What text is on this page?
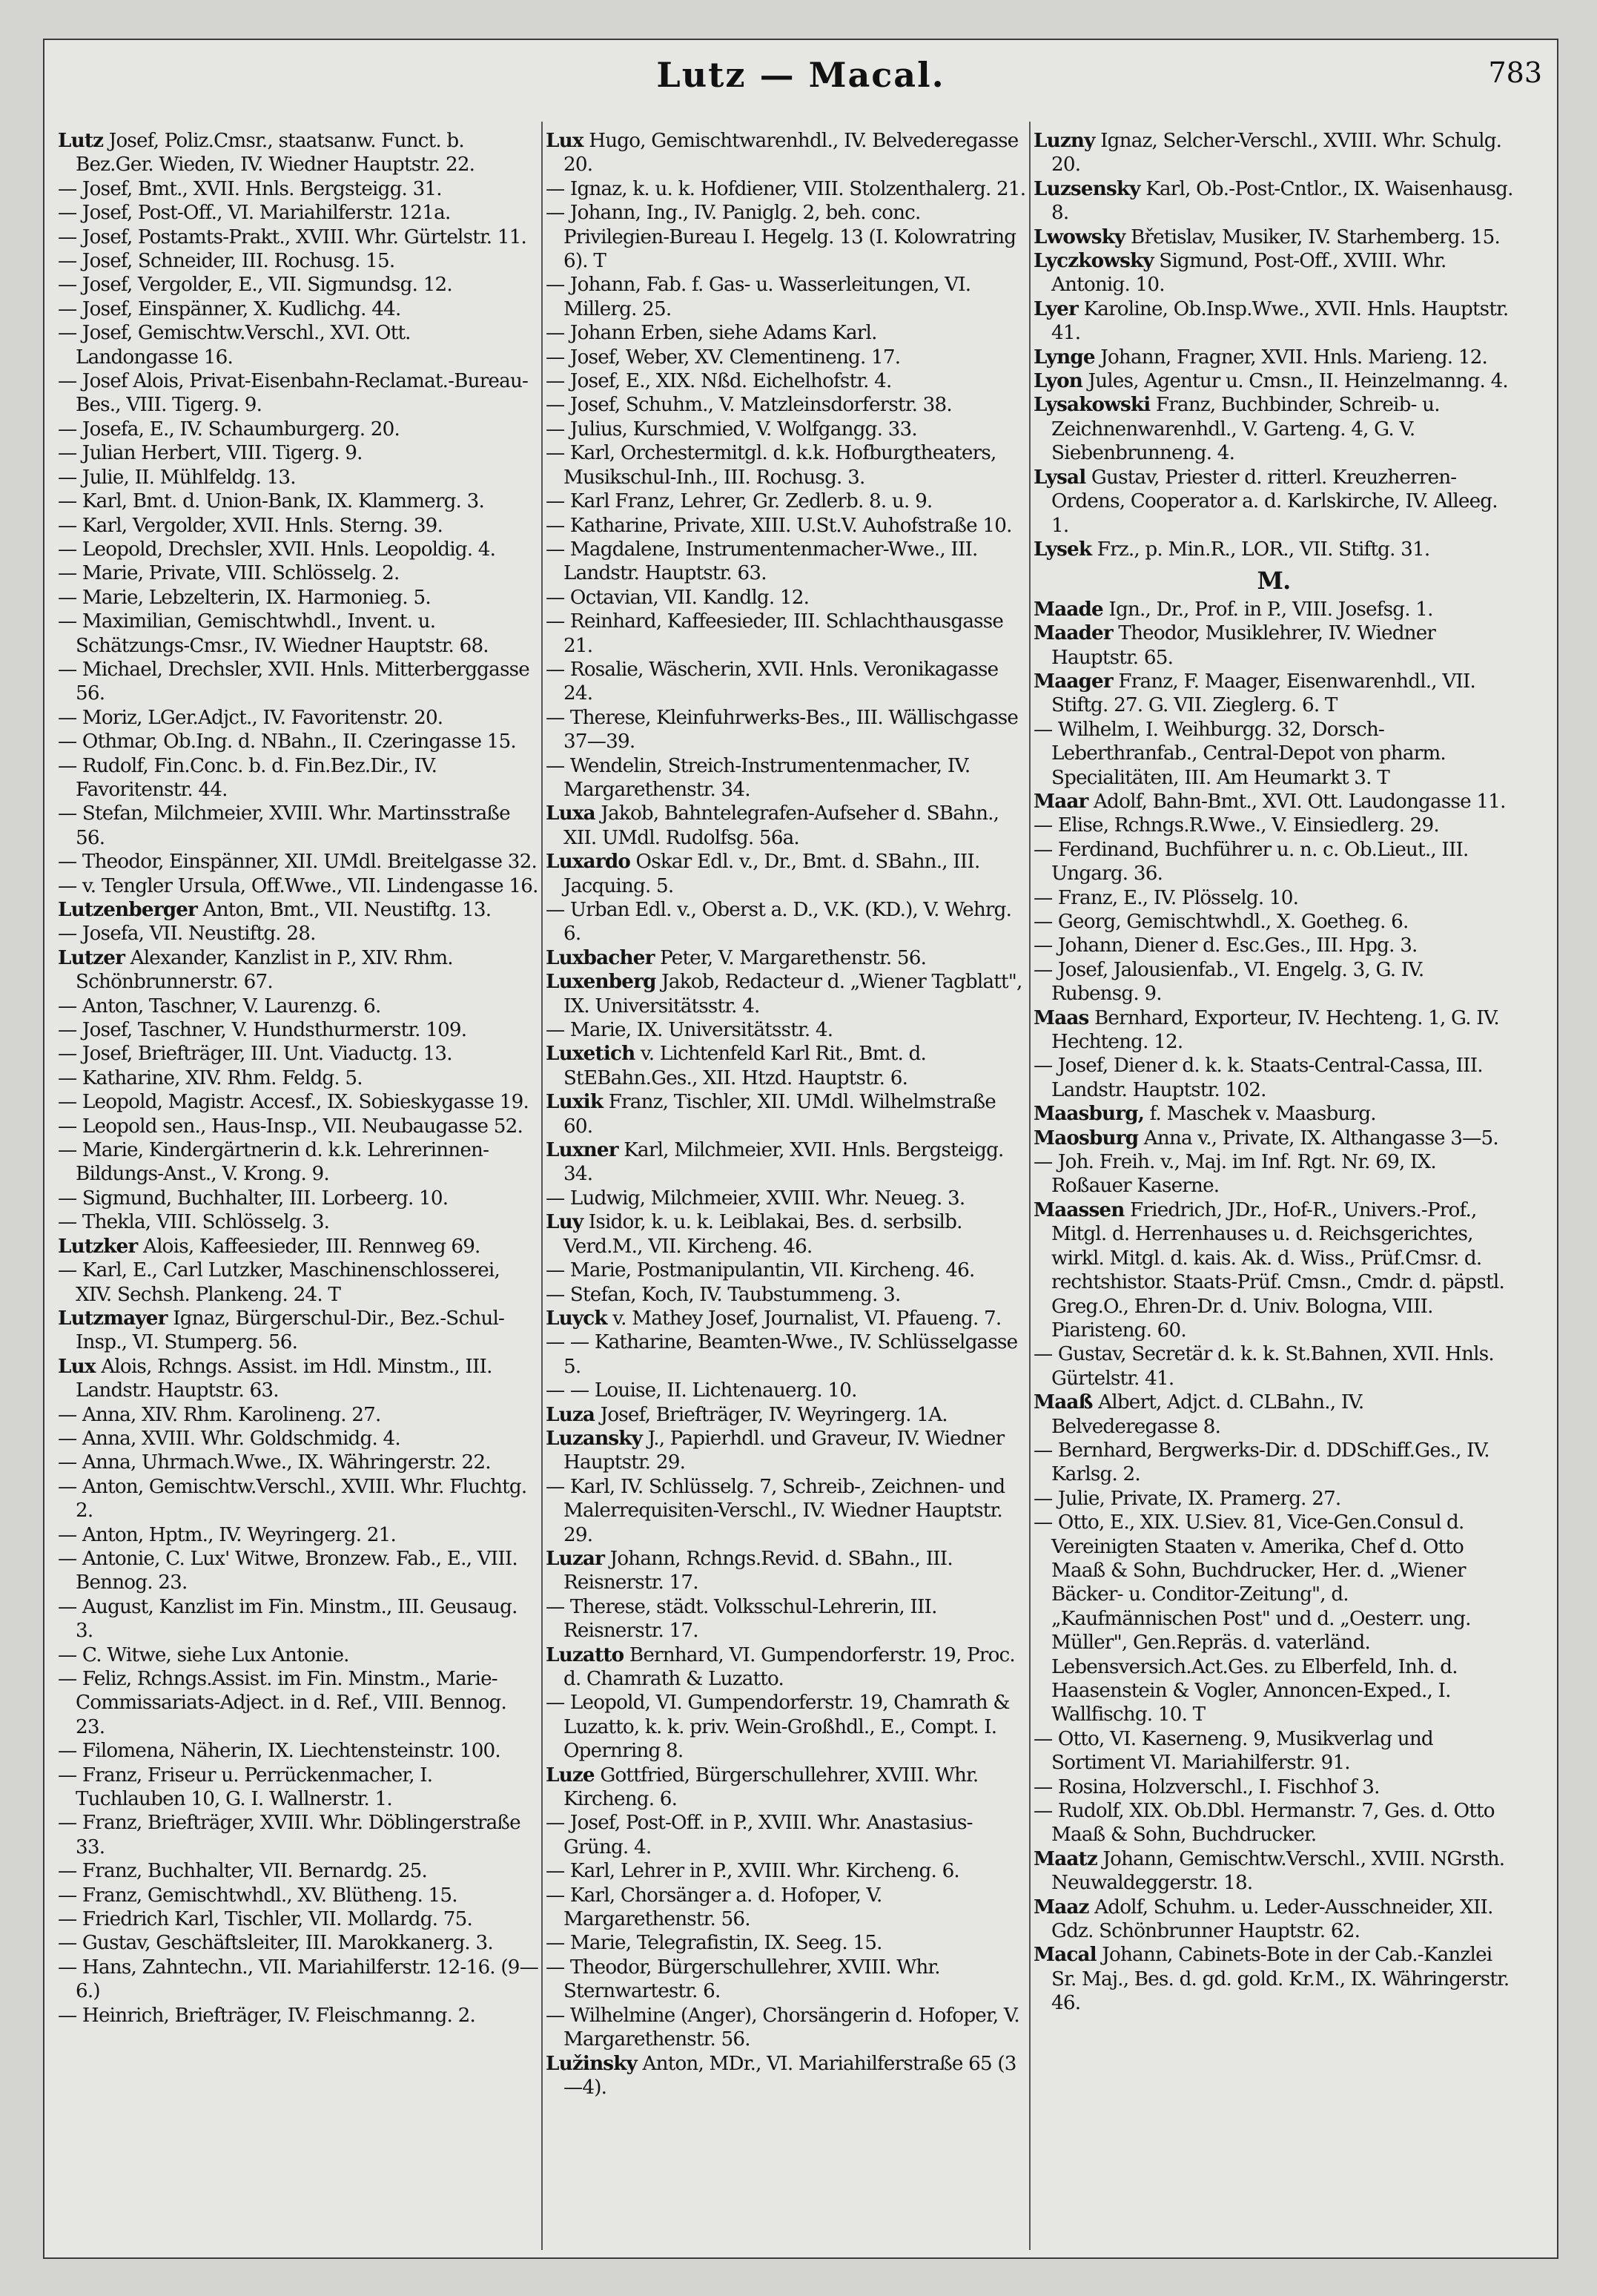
Lutz — Macal.	783

Lutz Josef, Poliz.Cmsr., staatsanw. Funct. b. Bez.Ger. Wieden, IV. Wiedner Hauptstr. 22.

— Josef, Bmt., XVII. Hnls. Bergsteigg. 31.

— Josef, Post-Off., VI. Mariahilferstr. 121a.

— Josef, Postamts-Prakt., XVIII. Whr. Gürtelstr. 11.

— Josef, Schneider, III. Rochusg. 15.

— Josef, Vergolder, E., VII. Sigmundsg. 12.

— Josef, Einspänner, X. Kudlichg. 44.

— Josef, Gemischtw.Verschl., XVI. Ott. Landongasse 16.

— Josef Alois, Privat-Eisenbahn-Reclamat.-Bureau-Bes., VIII. Tigerg. 9.

— Josefa, E., IV. Schaumburgerg. 20.

— Julian Herbert, VIII. Tigerg. 9.

— Julie, II. Mühlfeldg. 13.

— Karl, Bmt. d. Union-Bank, IX. Klammerg. 3.

— Karl, Vergolder, XVII. Hnls. Sterng. 39.

— Leopold, Drechsler, XVII. Hnls. Leopoldig. 4.

— Marie, Private, VIII. Schlösselg. 2.

— Marie, Lebzelterin, IX. Harmonieg. 5.

— Maximilian, Gemischtwhdl., Invent. u. Schätzungs-Cmsr., IV. Wiedner Hauptstr. 68.

— Michael, Drechsler, XVII. Hnls. Mitterberggasse 56.

— Moriz, LGer.Adjct., IV. Favoritenstr. 20.

— Othmar, Ob.Ing. d. NBahn., II. Czeringasse 15.

— Rudolf, Fin.Conc. b. d. Fin.Bez.Dir., IV. Favoritenstr. 44.

— Stefan, Milchmeier, XVIII. Whr. Martinsstraße 56.

— Theodor, Einspänner, XII. UMdl. Breitelgasse 32.

— v. Tengler Ursula, Off.Wwe., VII. Lindengasse 16.

Lutzenberger Anton, Bmt., VII. Neustiftg. 13.

— Josefa, VII. Neustiftg. 28.

Lutzer Alexander, Kanzlist in P., XIV. Rhm. Schönbrunnerstr. 67.

— Anton, Taschner, V. Laurenzg. 6.

— Josef, Taschner, V. Hundsthurmerstr. 109.

— Josef, Briefträger, III. Unt. Viaductg. 13.

— Katharine, XIV. Rhm. Feldg. 5.

— Leopold, Magistr. Accesf., IX. Sobieskygasse 19.

— Leopold sen., Haus-Insp., VII. Neubaugasse 52.

— Marie, Kindergärtnerin d. k.k. Lehrerinnen-Bildungs-Anst., V. Krong. 9.

— Sigmund, Buchhalter, III. Lorbeerg. 10.

— Thekla, VIII. Schlösselg. 3.

Lutzker Alois, Kaffeesieder, III. Rennweg 69.

— Karl, E., Carl Lutzker, Maschinenschlosserei, XIV. Sechsh. Plankeng. 24. T

Lutzmayer Ignaz, Bürgerschul-Dir., Bez.-Schul-Insp., VI. Stumperg. 56.

Lux Alois, Rchngs. Assist. im Hdl. Minstm., III. Landstr. Hauptstr. 63.

— Anna, XIV. Rhm. Karolineng. 27.

— Anna, XVIII. Whr. Goldschmidg. 4.

— Anna, Uhrmach.Wwe., IX. Währingerstr. 22.

— Anton, Gemischtw.Verschl., XVIII. Whr. Fluchtg. 2.

— Anton, Hptm., IV. Weyringerg. 21.

— Antonie, C. Lux' Witwe, Bronzew. Fab., E., VIII. Bennog. 23.

— August, Kanzlist im Fin. Minstm., III. Geusaug. 3.

— C. Witwe, siehe Lux Antonie.

— Feliz, Rchngs.Assist. im Fin. Minstm., Marie-Commissariats-Adject. in d. Ref., VIII. Bennog. 23.

— Filomena, Näherin, IX. Liechtensteinstr. 100.

— Franz, Friseur u. Perrückenmacher, I. Tuchlauben 10, G. I. Wallnerstr. 1.

— Franz, Briefträger, XVIII. Whr. Döblingerstraße 33.

— Franz, Buchhalter, VII. Bernardg. 25.

— Franz, Gemischtwhdl., XV. Blütheng. 15.

— Friedrich Karl, Tischler, VII. Mollardg. 75.

— Gustav, Geschäftsleiter, III. Marokkanerg. 3.

— Hans, Zahntechn., VII. Mariahilferstr. 12-16. (9—6.)

— Heinrich, Briefträger, IV. Fleischmanng. 2.

Lux Hugo, Gemischtwarenhdl., IV. Belvederegasse 20.

— Ignaz, k. u. k. Hofdiener, VIII. Stolzenthalerg. 21.

— Johann, Ing., IV. Paniglg. 2, beh. conc. Privilegien-Bureau I. Hegelg. 13 (I. Kolowratring 6). T

— Johann, Fab. f. Gas- u. Wasserleitungen, VI. Millerg. 25.

— Johann Erben, siehe Adams Karl.

— Josef, Weber, XV. Clementineng. 17.

— Josef, E., XIX. Nßd. Eichelhofstr. 4.

— Josef, Schuhm., V. Matzleinsdorferstr. 38.

— Julius, Kurschmied, V. Wolfgangg. 33.

— Karl, Orchestermitgl. d. k.k. Hofburgtheaters, Musikschul-Inh., III. Rochusg. 3.

— Karl Franz, Lehrer, Gr. Zedlerb. 8. u. 9.

— Katharine, Private, XIII. U.St.V. Auhofstraße 10.

— Magdalene, Instrumentenmacher-Wwe., III. Landstr. Hauptstr. 63.

— Octavian, VII. Kandlg. 12.

— Reinhard, Kaffeesieder, III. Schlachthausgasse 21.

— Rosalie, Wäscherin, XVII. Hnls. Veronikagasse 24.

— Therese, Kleinfuhrwerks-Bes., III. Wällischgasse 37—39.

— Wendelin, Streich-Instrumentenmacher, IV. Margarethenstr. 34.

Luxa Jakob, Bahntelegrafen-Aufseher d. SBahn., XII. UMdl. Rudolfsg. 56a.

Luxardo Oskar Edl. v., Dr., Bmt. d. SBahn., III. Jacquing. 5.

— Urban Edl. v., Oberst a. D., V.K. (KD.), V. Wehrg. 6.

Luxbacher Peter, V. Margarethenstr. 56.

Luxenberg Jakob, Redacteur d. „Wiener Tagblatt", IX. Universitätsstr. 4.

— Marie, IX. Universitätsstr. 4.

Luxetich v. Lichtenfeld Karl Rit., Bmt. d. StEBahn.Ges., XII. Htzd. Hauptstr. 6.

Luxik Franz, Tischler, XII. UMdl. Wilhelmstraße 60.

Luxner Karl, Milchmeier, XVII. Hnls. Bergsteigg. 34.

— Ludwig, Milchmeier, XVIII. Whr. Neueg. 3.

Luy Isidor, k. u. k. Leiblakai, Bes. d. serbsilb. Verd.M., VII. Kircheng. 46.

— Marie, Postmanipulantin, VII. Kircheng. 46.

— Stefan, Koch, IV. Taubstummeng. 3.

Luyck v. Mathey Josef, Journalist, VI. Pfaueng. 7.

— — Katharine, Beamten-Wwe., IV. Schlüsselgasse 5.

— — Louise, II. Lichtenauerg. 10.

Luza Josef, Briefträger, IV. Weyringerg. 1A.

Luzansky J., Papierhdl. und Graveur, IV. Wiedner Hauptstr. 29.

— Karl, IV. Schlüsselg. 7, Schreib-, Zeichnen- und Malerrequisiten-Verschl., IV. Wiedner Hauptstr. 29.

Luzar Johann, Rchngs.Revid. d. SBahn., III. Reisnerstr. 17.

— Therese, städt. Volksschul-Lehrerin, III. Reisnerstr. 17.

Luzatto Bernhard, VI. Gumpendorferstr. 19, Proc. d. Chamrath & Luzatto.

— Leopold, VI. Gumpendorferstr. 19, Chamrath & Luzatto, k. k. priv. Wein-Großhdl., E., Compt. I. Opernring 8.

Luze Gottfried, Bürgerschullehrer, XVIII. Whr. Kircheng. 6.

— Josef, Post-Off. in P., XVIII. Whr. Anastasius-Grüng. 4.

— Karl, Lehrer in P., XVIII. Whr. Kircheng. 6.

— Karl, Chorsänger a. d. Hofoper, V. Margarethenstr. 56.

— Marie, Telegrafistin, IX. Seeg. 15.

— Theodor, Bürgerschullehrer, XVIII. Whr. Sternwartestr. 6.

— Wilhelmine (Anger), Chorsängerin d. Hofoper, V. Margarethenstr. 56.

Lužinsky Anton, MDr., VI. Mariahilferstraße 65 (3—4).

Luzny Ignaz, Selcher-Verschl., XVIII. Whr. Schulg. 20.

Luzsensky Karl, Ob.-Post-Cntlor., IX. Waisenhausg. 8.

Lwowsky Břetislav, Musiker, IV. Starhemberg. 15.

Lyczkowsky Sigmund, Post-Off., XVIII. Whr. Antonig. 10.

Lyer Karoline, Ob.Insp.Wwe., XVII. Hnls. Hauptstr. 41.

Lynge Johann, Fragner, XVII. Hnls. Marieng. 12.

Lyon Jules, Agentur u. Cmsn., II. Heinzelmanng. 4.

Lysakowski Franz, Buchbinder, Schreib- u. Zeichnenwarenhdl., V. Garteng. 4, G. V. Siebenbrunneng. 4.

Lysal Gustav, Priester d. ritterl. Kreuzherren-Ordens, Cooperator a. d. Karlskirche, IV. Alleeg. 1.

Lysek Frz., p. Min.R., LOR., VII. Stiftg. 31.

M.

Maade Ign., Dr., Prof. in P., VIII. Josefsg. 1.

Maader Theodor, Musiklehrer, IV. Wiedner Hauptstr. 65.

Maager Franz, F. Maager, Eisenwarenhdl., VII. Stiftg. 27. G. VII. Zieglerg. 6. T

— Wilhelm, I. Weihburgg. 32, Dorsch-Leberthranfab., Central-Depot von pharm. Specialitäten, III. Am Heumarkt 3. T

Maar Adolf, Bahn-Bmt., XVI. Ott. Laudongasse 11.

— Elise, Rchngs.R.Wwe., V. Einsiedlerg. 29.

— Ferdinand, Buchführer u. n. c. Ob.Lieut., III. Ungarg. 36.

— Franz, E., IV. Plösselg. 10.

— Georg, Gemischtwhdl., X. Goetheg. 6.

— Johann, Diener d. Esc.Ges., III. Hpg. 3.

— Josef, Jalousienfab., VI. Engelg. 3, G. IV. Rubensg. 9.

Maas Bernhard, Exporteur, IV. Hechteng. 1, G. IV. Hechteng. 12.

— Josef, Diener d. k. k. Staats-Central-Cassa, III. Landstr. Hauptstr. 102.

Maasburg, f. Maschek v. Maasburg.

Maosburg Anna v., Private, IX. Althangasse 3—5.

— Joh. Freih. v., Maj. im Inf. Rgt. Nr. 69, IX. Roßauer Kaserne.

Maassen Friedrich, JDr., Hof-R., Univers.-Prof., Mitgl. d. Herrenhauses u. d. Reichsgerichtes, wirkl. Mitgl. d. kais. Ak. d. Wiss., Prüf.Cmsr. d. rechtshistor. Staats-Prüf. Cmsn., Cmdr. d. päpstl. Greg.O., Ehren-Dr. d. Univ. Bologna, VIII. Piaristeng. 60.

— Gustav, Secretär d. k. k. St.Bahnen, XVII. Hnls. Gürtelstr. 41.

Maaß Albert, Adjct. d. CLBahn., IV. Belvederegasse 8.

— Bernhard, Bergwerks-Dir. d. DDSchiff.Ges., IV. Karlsg. 2.

— Julie, Private, IX. Pramerg. 27.

— Otto, E., XIX. U.Siev. 81, Vice-Gen.Consul d. Vereinigten Staaten v. Amerika, Chef d. Otto Maaß & Sohn, Buchdrucker, Her. d. „Wiener Bäcker- u. Conditor-Zeitung", d. „Kaufmännischen Post" und d. „Oesterr. ung. Müller", Gen.Repräs. d. vaterländ. Lebensversich.Act.Ges. zu Elberfeld, Inh. d. Haasenstein & Vogler, Annoncen-Exped., I. Wallfischg. 10. T

— Otto, VI. Kaserneng. 9, Musikverlag und Sortiment VI. Mariahilferstr. 91.

— Rosina, Holzverschl., I. Fischhof 3.

— Rudolf, XIX. Ob.Dbl. Hermanstr. 7, Ges. d. Otto Maaß & Sohn, Buchdrucker.

Maatz Johann, Gemischtw.Verschl., XVIII. NGrsth. Neuwaldeggerstr. 18.

Maaz Adolf, Schuhm. u. Leder-Ausschneider, XII. Gdz. Schönbrunner Hauptstr. 62.

Macal Johann, Cabinets-Bote in der Cab.-Kanzlei Sr. Maj., Bes. d. gd. gold. Kr.M., IX. Währingerstr. 46.
